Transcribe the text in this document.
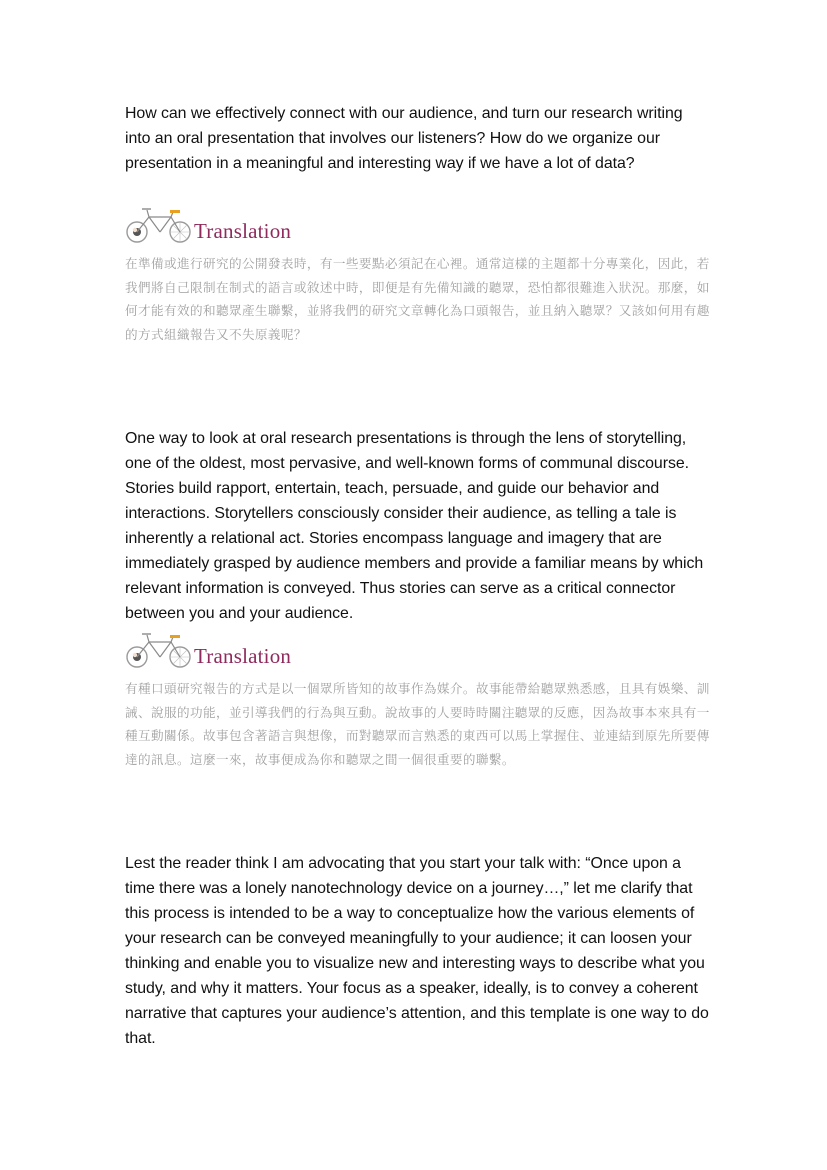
How can we effectively connect with our audience, and turn our research writing into an oral presentation that involves our listeners? How do we organize our presentation in a meaningful and interesting way if we have a lot of data?

Translation

在準備或進行研究的公開發表時，有一些要點必須記在心裡。通常這樣的主題都十分專業化，因此，若我們將自己限制在制式的語言或敘述中時，即便是有先備知識的聽眾，恐怕都很難進入狀況。那麼，如何才能有效的和聽眾產生聯繫，並將我們的研究文章轉化為口頭報告，並且納入聽眾？又該如何用有趣的方式組織報告又不失原義呢？

One way to look at oral research presentations is through the lens of storytelling, one of the oldest, most pervasive, and well-known forms of communal discourse. Stories build rapport, entertain, teach, persuade, and guide our behavior and interactions. Storytellers consciously consider their audience, as telling a tale is inherently a relational act. Stories encompass language and imagery that are immediately grasped by audience members and provide a familiar means by which relevant information is conveyed. Thus stories can serve as a critical connector between you and your audience.

Translation

有種口頭研究報告的方式是以一個眾所皆知的故事作為媒介。故事能帶給聽眾熟悉感，且具有娛樂、訓誡、說服的功能，並引導我們的行為與互動。說故事的人要時時關注聽眾的反應，因為故事本來具有一種互動關係。故事包含著語言與想像，而對聽眾而言熟悉的東西可以馬上掌握住、並連結到原先所要傳達的訊息。這麼一來，故事便成為你和聽眾之間一個很重要的聯繫。

Lest the reader think I am advocating that you start your talk with: “Once upon a time there was a lonely nanotechnology device on a journey…,” let me clarify that this process is intended to be a way to conceptualize how the various elements of your research can be conveyed meaningfully to your audience; it can loosen your thinking and enable you to visualize new and interesting ways to describe what you study, and why it matters. Your focus as a speaker, ideally, is to convey a coherent narrative that captures your audience’s attention, and this template is one way to do that.
